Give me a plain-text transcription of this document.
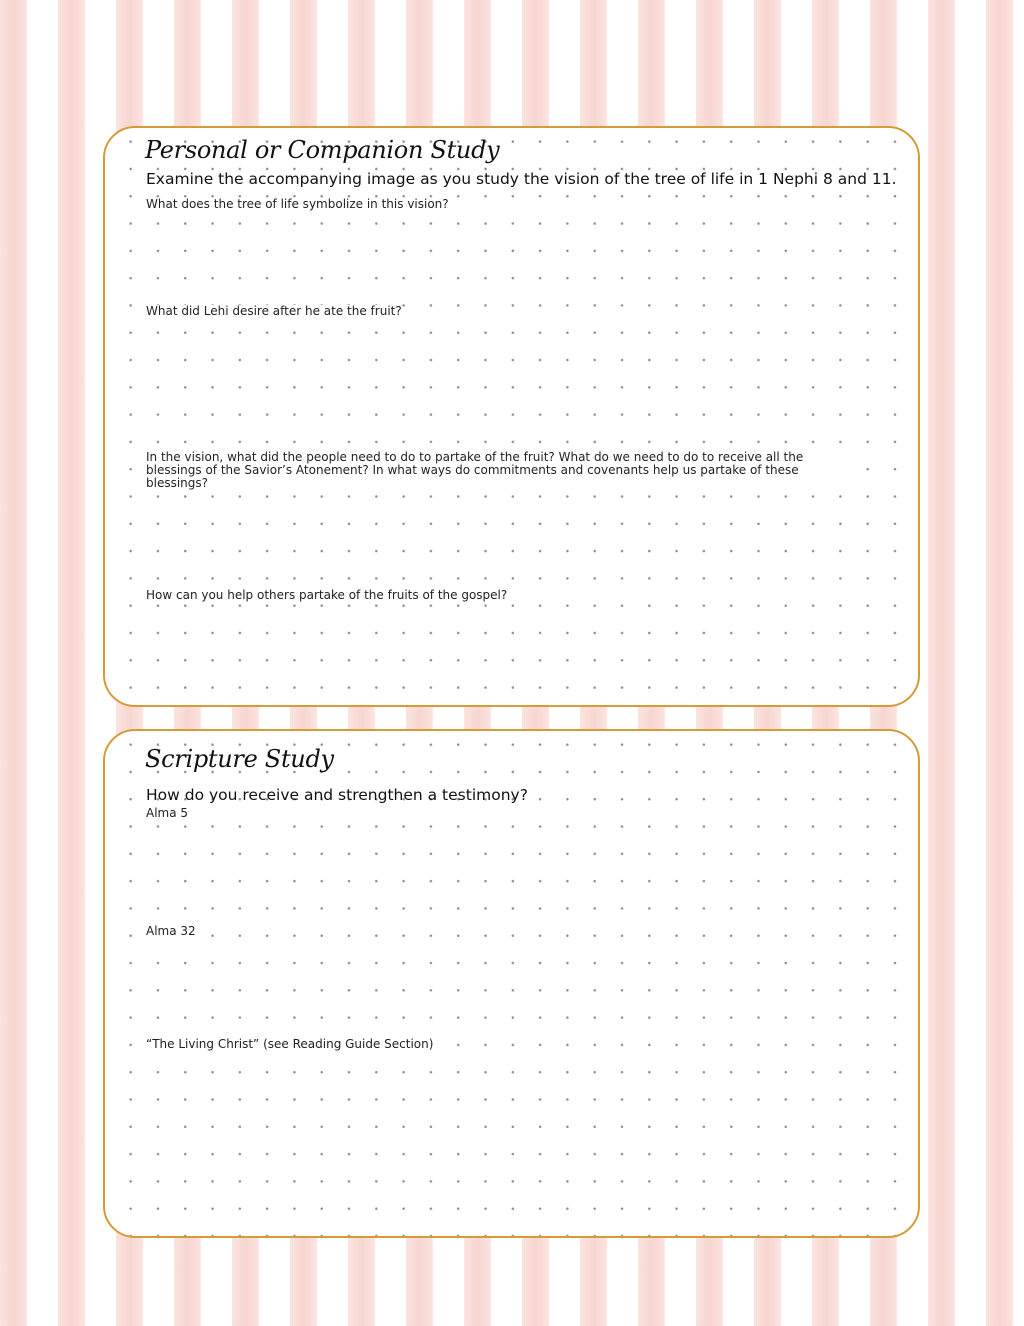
Personal or Companion Study

Examine the accompanying image as you study the vision of the tree of life in 1 Nephi 8 and 11.

What does the tree of life symbolize in this vision?

What did Lehi desire after he ate the fruit?

In the vision, what did the people need to do to partake of the fruit? What do we need to do to receive all the blessings of the Savior’s Atonement? In what ways do commitments and covenants help us partake of these blessings?

How can you help others partake of the fruits of the gospel?

Scripture Study

How do you receive and strengthen a testimony?

Alma 5

Alma 32

“The Living Christ” (see Reading Guide Section)
